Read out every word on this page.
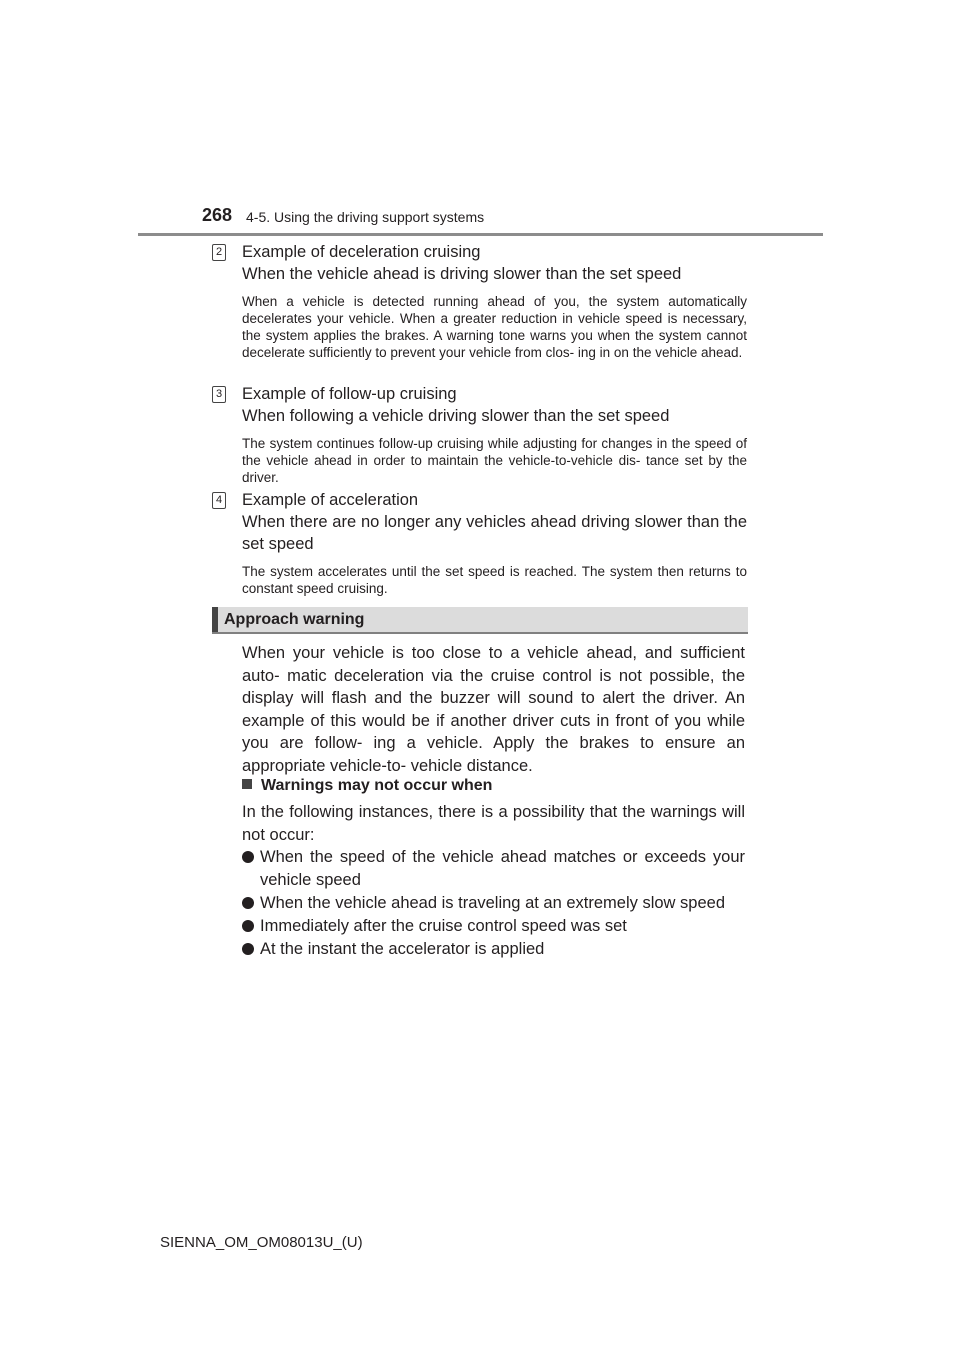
268 4-5. Using the driving support systems
2 Example of deceleration cruising
When the vehicle ahead is driving slower than the set speed
When a vehicle is detected running ahead of you, the system automatically decelerates your vehicle. When a greater reduction in vehicle speed is necessary, the system applies the brakes. A warning tone warns you when the system cannot decelerate sufficiently to prevent your vehicle from clos- ing in on the vehicle ahead.
3 Example of follow-up cruising
When following a vehicle driving slower than the set speed
The system continues follow-up cruising while adjusting for changes in the speed of the vehicle ahead in order to maintain the vehicle-to-vehicle dis- tance set by the driver.
4 Example of acceleration
When there are no longer any vehicles ahead driving slower than the set speed
The system accelerates until the set speed is reached. The system then returns to constant speed cruising.
Approach warning
When your vehicle is too close to a vehicle ahead, and sufficient auto- matic deceleration via the cruise control is not possible, the display will flash and the buzzer will sound to alert the driver. An example of this would be if another driver cuts in front of you while you are follow- ing a vehicle. Apply the brakes to ensure an appropriate vehicle-to- vehicle distance.
Warnings may not occur when
In the following instances, there is a possibility that the warnings will not occur:
When the speed of the vehicle ahead matches or exceeds your vehicle speed
When the vehicle ahead is traveling at an extremely slow speed
Immediately after the cruise control speed was set
At the instant the accelerator is applied
SIENNA_OM_OM08013U_(U)
